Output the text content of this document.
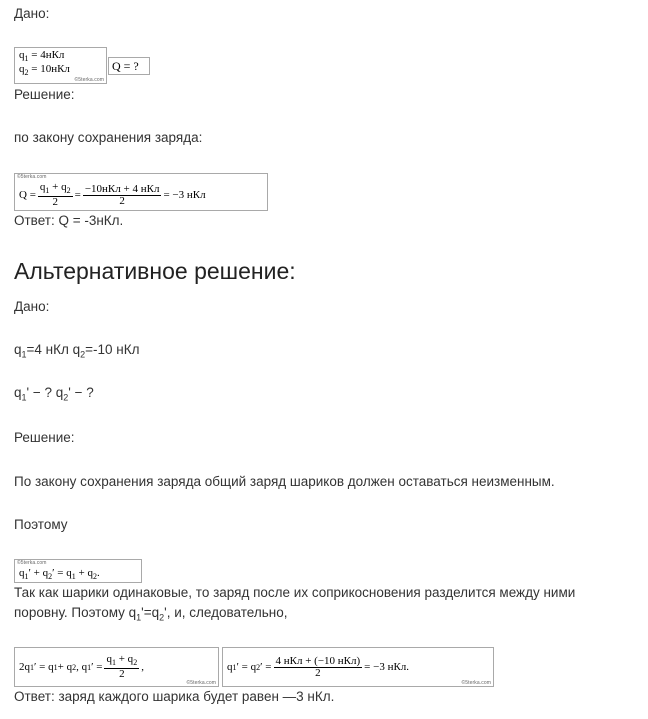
Дано:
$q_1 = 4нКл$
$q_2 = 10нКл$
©5terka.com
Q = ?
Решение:
по закону сохранения заряда:
©5terka.com
$Q = \frac{q_1 + q_2}{2} = \frac{\text{−10нКл + 4 нКл}}{2} = -3$ нКл
Ответ: Q = -3нКл.
Альтернативное решение:
Дано:
$q_1=4$ нКл $q_2=-10$ нКл
$q_1'$ − ? $q_2'$ − ?
Решение:
По закону сохранения заряда общий заряд шариков должен оставаться неизменным.
Поэтому
©5terka.com
$q_1' + q_2' = q_1 + q_2$.
Так как шарики одинаковые, то заряд после их соприкосновения разделится между ними
поровну. Поэтому $q_1'=q_2'$, и, следовательно,
2q 1 ′ = q 1 + q 2 ,
q 1 ′ = $\frac{q_1 + q_2}{2}$ ,
©5terka.com
q 1 ′ = q 2 ′ = $\frac{\text{4 нКл + (−10 нКл)}}{2} = -3$ нКл.
©5terka.com
Ответ: заряд каждого шарика будет равен —3 нКл.
